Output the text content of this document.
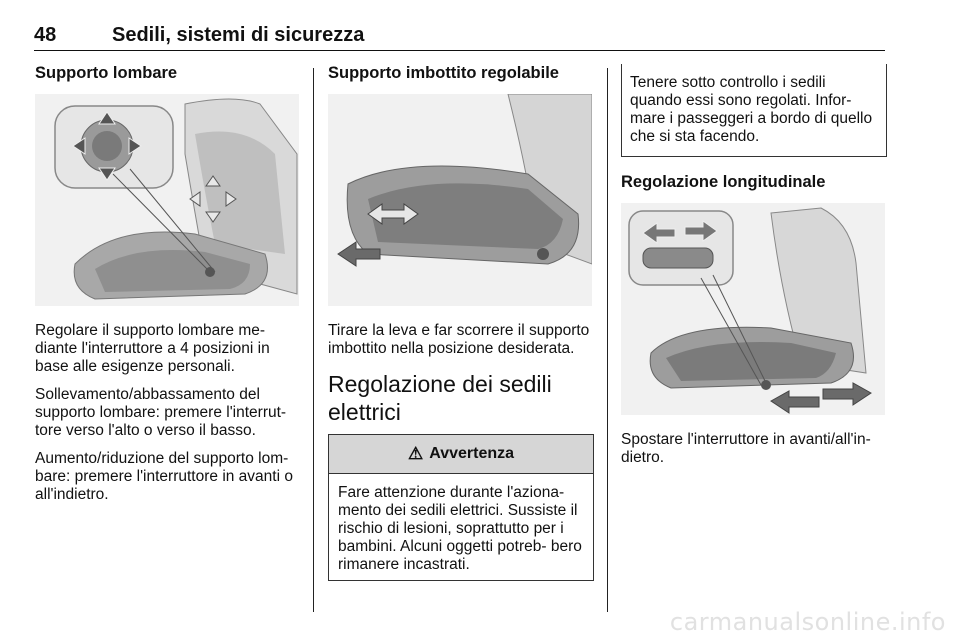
48	Sedili, sistemi di sicurezza
Supporto lombare

Regolare il supporto lombare me- diante l'interruttore a 4 posizioni in base alle esigenze personali.

Sollevamento/abbassamento del supporto lombare: premere l'interrut- tore verso l'alto o verso il basso.

Aumento/riduzione del supporto lom- bare: premere l'interruttore in avanti o all'indietro.

Supporto imbottito regolabile

Tirare la leva e far scorrere il supporto imbottito nella posizione desiderata.

Regolazione dei sedili elettrici
⚠ Avvertenza
Fare attenzione durante l'aziona- mento dei sedili elettrici. Sussiste il rischio di lesioni, soprattutto per i bambini. Alcuni oggetti potreb- bero rimanere incastrati.
Tenere sotto controllo i sedili quando essi sono regolati. Infor- mare i passeggeri a bordo di quello che si sta facendo.
Regolazione longitudinale

Spostare l'interruttore in avanti/all'in- dietro.

carmanualsonline.info
